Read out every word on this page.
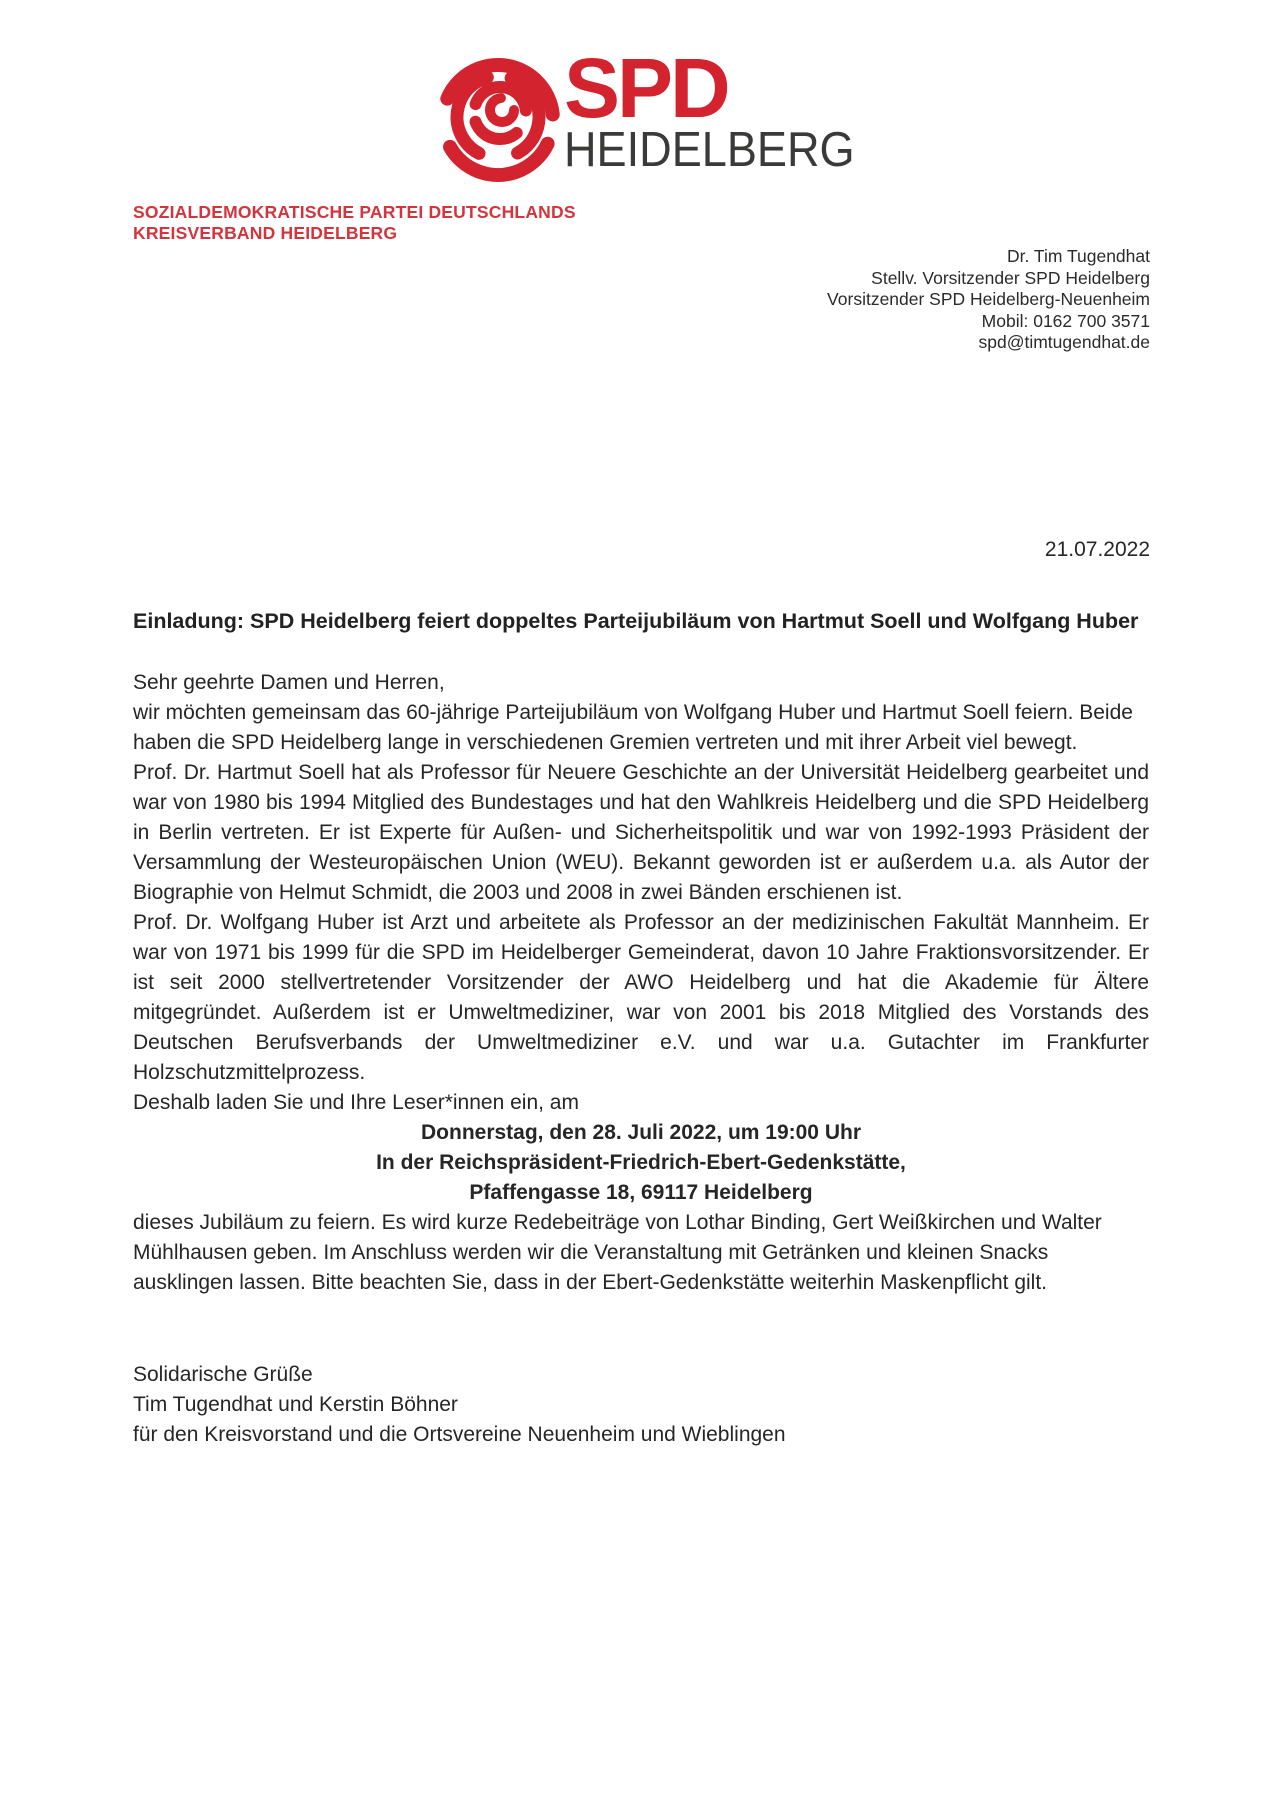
SPD
HEIDELBERG
SOZIALDEMOKRATISCHE PARTEI DEUTSCHLANDS
KREISVERBAND HEIDELBERG
Dr. Tim Tugendhat
Stellv. Vorsitzender SPD Heidelberg
Vorsitzender SPD Heidelberg-Neuenheim
Mobil: 0162 700 3571
spd@timtugendhat.de
21.07.2022
Einladung: SPD Heidelberg feiert doppeltes Parteijubiläum von Hartmut Soell und Wolfgang Huber

Sehr geehrte Damen und Herren,

wir möchten gemeinsam das 60-jährige Parteijubiläum von Wolfgang Huber und Hartmut Soell feiern. Beide haben die SPD Heidelberg lange in verschiedenen Gremien vertreten und mit ihrer Arbeit viel bewegt.

Prof. Dr. Hartmut Soell hat als Professor für Neuere Geschichte an der Universität Heidelberg gearbeitet und war von 1980 bis 1994 Mitglied des Bundestages und hat den Wahlkreis Heidelberg und die SPD Heidelberg in Berlin vertreten. Er ist Experte für Außen- und Sicherheitspolitik und war von 1992-1993 Präsident der Versammlung der Westeuropäischen Union (WEU). Bekannt geworden ist er außerdem u.a. als Autor der Biographie von Helmut Schmidt, die 2003 und 2008 in zwei Bänden erschienen ist.

Prof. Dr. Wolfgang Huber ist Arzt und arbeitete als Professor an der medizinischen Fakultät Mannheim. Er war von 1971 bis 1999 für die SPD im Heidelberger Gemeinderat, davon 10 Jahre Fraktionsvorsitzender. Er ist seit 2000 stellvertretender Vorsitzender der AWO Heidelberg und hat die Akademie für Ältere mitgegründet. Außerdem ist er Umweltmediziner, war von 2001 bis 2018 Mitglied des Vorstands des Deutschen Berufsverbands der Umweltmediziner e.V. und war u.a. Gutachter im Frankfurter Holzschutzmittelprozess.

Deshalb laden Sie und Ihre Leser*innen ein, am

Donnerstag, den 28. Juli 2022, um 19:00 Uhr

In der Reichspräsident-Friedrich-Ebert-Gedenkstätte,

Pfaffengasse 18, 69117 Heidelberg

dieses Jubiläum zu feiern. Es wird kurze Redebeiträge von Lothar Binding, Gert Weißkirchen und Walter Mühlhausen geben. Im Anschluss werden wir die Veranstaltung mit Getränken und kleinen Snacks ausklingen lassen. Bitte beachten Sie, dass in der Ebert-Gedenkstätte weiterhin Maskenpflicht gilt.

Solidarische Grüße
Tim Tugendhat und Kerstin Böhner
für den Kreisvorstand und die Ortsvereine Neuenheim und Wieblingen
